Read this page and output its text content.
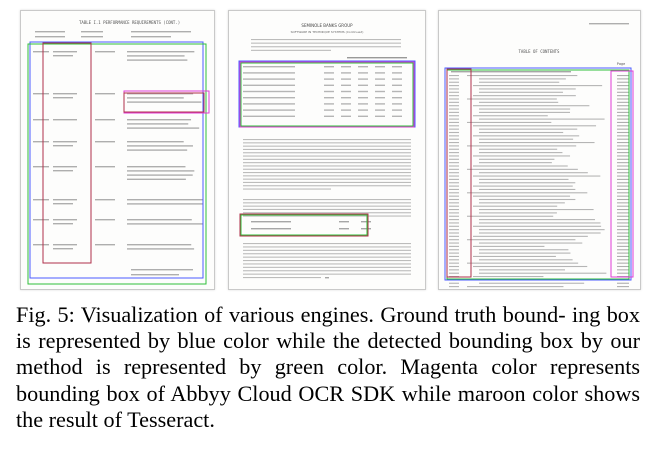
TABLE I.1 PERFORMANCE REQUIREMENTS (CONT.)
SEMINOLE BANKS GROUP
SOFTWARE IN TECHNIQUE SYSTEMS (Continued)
TABLE OF CONTENTS
Page

Fig. 5: Visualization of various engines. Ground truth bound- ing box is represented by blue color while the detected bounding box by our method is represented by green color. Magenta color represents bounding box of Abbyy Cloud OCR SDK while maroon color shows the result of Tesseract.
